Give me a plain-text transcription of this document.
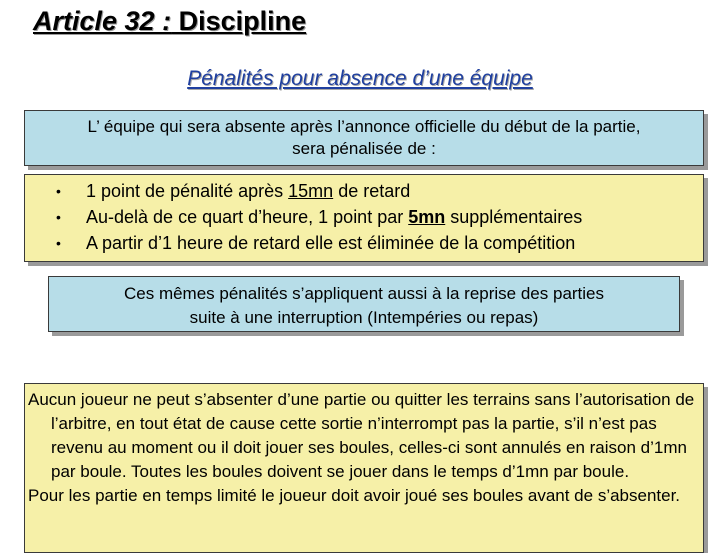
Article 32 : Discipline
Pénalités pour absence d’une équipe
L’ équipe qui sera absente après l’annonce officielle du début de la partie,
sera pénalisée de :
• 1 point de pénalité après 15mn de retard
• Au-delà de ce quart d’heure, 1 point par 5mn supplémentaires
• A partir d’1 heure de retard elle est éliminée de la compétition
Ces mêmes pénalités s’appliquent aussi à la reprise des parties
suite à une interruption (Intempéries ou repas)

Aucun joueur ne peut s’absenter d’une partie ou quitter les terrains sans l’autorisation de l’arbitre, en tout état de cause cette sortie n’interrompt pas la partie, s’il n’est pas revenu au moment ou il doit jouer ses boules, celles-ci sont annulés en raison d’1mn par boule. Toutes les boules doivent se jouer dans le temps d’1mn par boule.

Pour les partie en temps limité le joueur doit avoir joué ses boules avant de s’absenter.
